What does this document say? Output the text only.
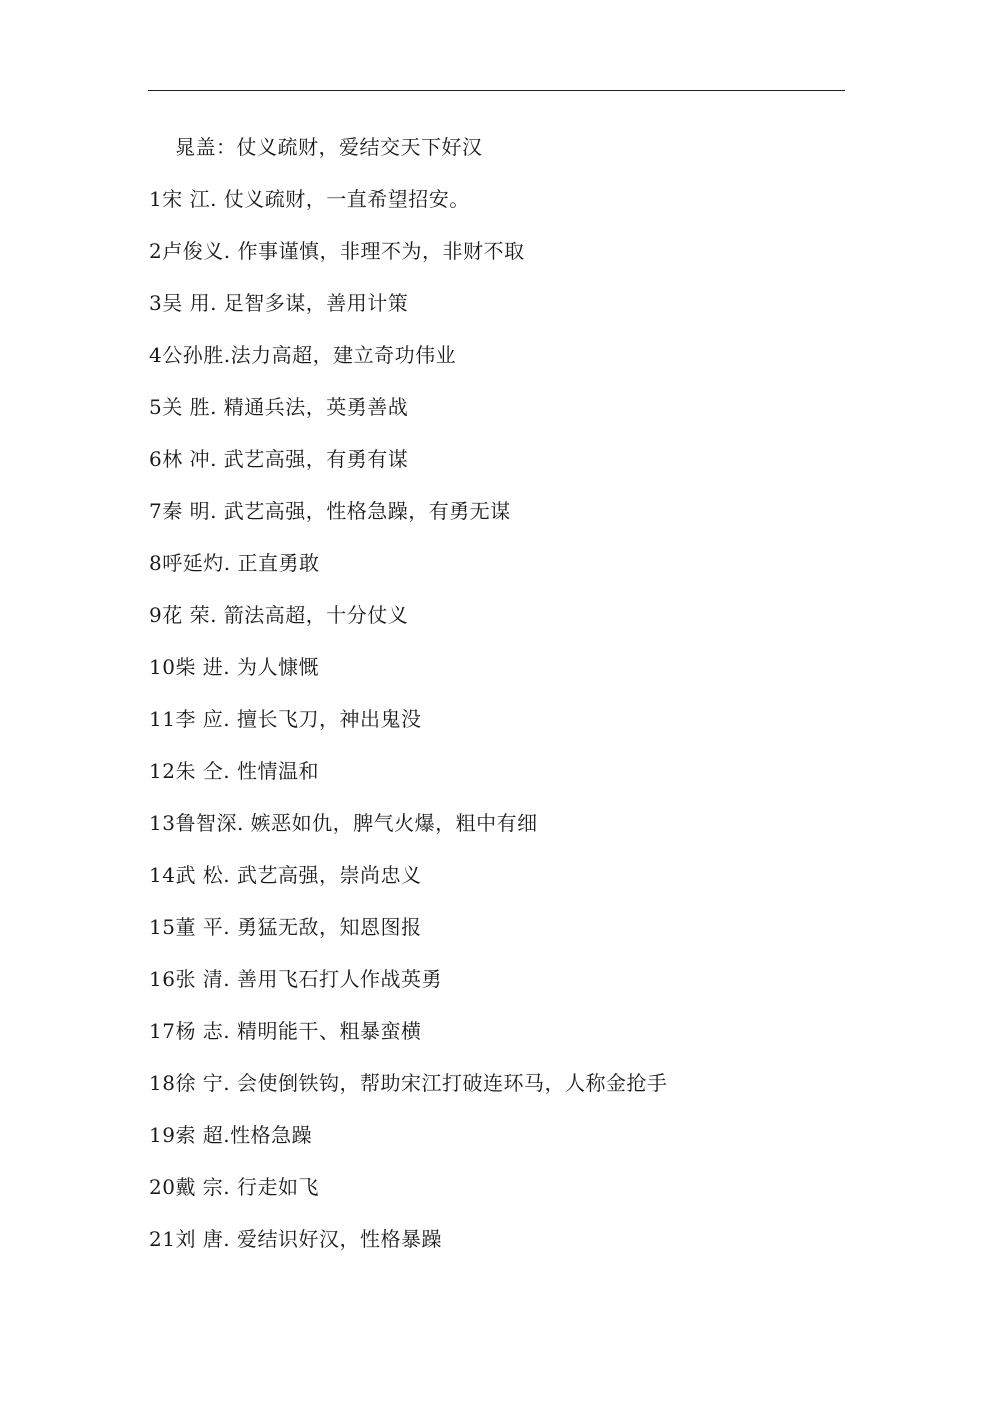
晁盖：仗义疏财，爱结交天下好汉
1宋 江. 仗义疏财，一直希望招安。
2卢俊义. 作事谨慎，非理不为，非财不取
3吴 用. 足智多谋，善用计策
4公孙胜.法力高超，建立奇功伟业
5关 胜. 精通兵法，英勇善战
6林 冲. 武艺高强，有勇有谋
7秦 明. 武艺高强，性格急躁，有勇无谋
8呼延灼. 正直勇敢
9花 荣. 箭法高超，十分仗义
10柴 进. 为人慷慨
11李 应. 擅长飞刀，神出鬼没
12朱 仝. 性情温和
13鲁智深. 嫉恶如仇，脾气火爆，粗中有细
14武 松. 武艺高强，崇尚忠义
15董 平. 勇猛无敌，知恩图报
16张 清. 善用飞石打人作战英勇
17杨 志. 精明能干、粗暴蛮横
18徐 宁. 会使倒铁钩，帮助宋江打破连环马，人称金抢手
19索 超.性格急躁
20戴 宗. 行走如飞
21刘 唐. 爱结识好汉，性格暴躁
